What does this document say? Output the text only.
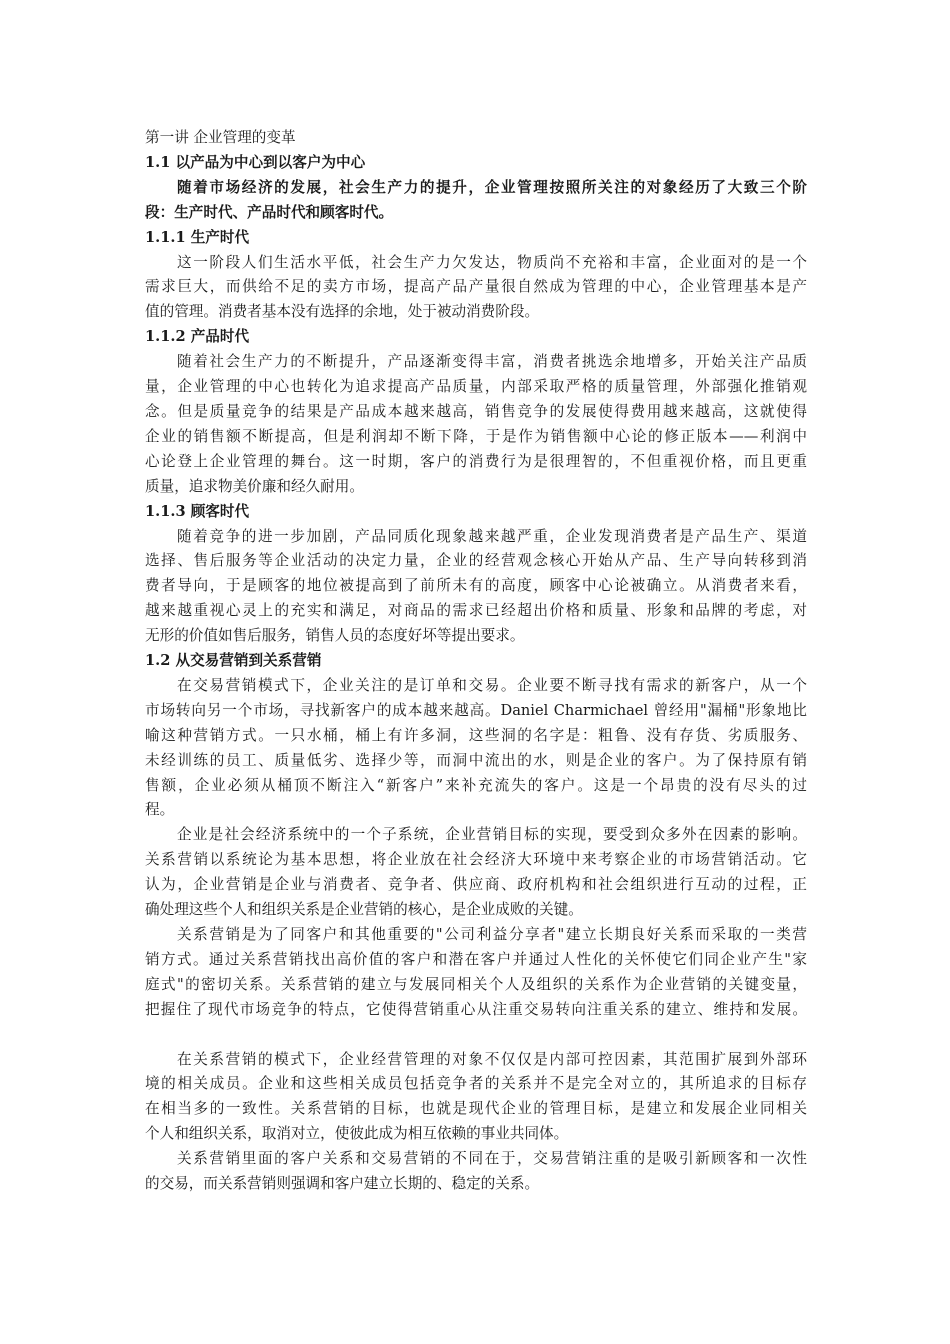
第一讲 企业管理的变革
1.1 以产品为中心到以客户为中心
随着市场经济的发展，社会生产力的提升，企业管理按照所关注的对象经历了大致三个阶
段：生产时代、产品时代和顾客时代。
1.1.1 生产时代
这一阶段人们生活水平低，社会生产力欠发达，物质尚不充裕和丰富，企业面对的是一个
需求巨大，而供给不足的卖方市场，提高产品产量很自然成为管理的中心，企业管理基本是产
值的管理。消费者基本没有选择的余地，处于被动消费阶段。
1.1.2 产品时代
随着社会生产力的不断提升，产品逐渐变得丰富，消费者挑选余地增多，开始关注产品质
量，企业管理的中心也转化为追求提高产品质量，内部采取严格的质量管理，外部强化推销观
念。但是质量竞争的结果是产品成本越来越高，销售竞争的发展使得费用越来越高，这就使得
企业的销售额不断提高，但是利润却不断下降，于是作为销售额中心论的修正版本——利润中
心论登上企业管理的舞台。这一时期，客户的消费行为是很理智的，不但重视价格，而且更重
质量，追求物美价廉和经久耐用。
1.1.3 顾客时代
随着竞争的进一步加剧，产品同质化现象越来越严重，企业发现消费者是产品生产、渠道
选择、售后服务等企业活动的决定力量，企业的经营观念核心开始从产品、生产导向转移到消
费者导向，于是顾客的地位被提高到了前所未有的高度，顾客中心论被确立。从消费者来看，
越来越重视心灵上的充实和满足，对商品的需求已经超出价格和质量、形象和品牌的考虑，对
无形的价值如售后服务，销售人员的态度好坏等提出要求。
1.2 从交易营销到关系营销
在交易营销模式下，企业关注的是订单和交易。企业要不断寻找有需求的新客户，从一个
市场转向另一个市场，寻找新客户的成本越来越高。Daniel Charmichael 曾经用"漏桶"形象地比
喻这种营销方式。一只水桶，桶上有许多洞，这些洞的名字是：粗鲁、没有存货、劣质服务、
未经训练的员工、质量低劣、选择少等，而洞中流出的水，则是企业的客户。为了保持原有销
售额，企业必须从桶顶不断注入“新客户”来补充流失的客户。这是一个昂贵的没有尽头的过
程。
企业是社会经济系统中的一个子系统，企业营销目标的实现，要受到众多外在因素的影响。
关系营销以系统论为基本思想，将企业放在社会经济大环境中来考察企业的市场营销活动。它
认为，企业营销是企业与消费者、竞争者、供应商、政府机构和社会组织进行互动的过程，正
确处理这些个人和组织关系是企业营销的核心，是企业成败的关键。
关系营销是为了同客户和其他重要的"公司利益分享者"建立长期良好关系而采取的一类营
销方式。通过关系营销找出高价值的客户和潜在客户并通过人性化的关怀使它们同企业产生"家
庭式"的密切关系。关系营销的建立与发展同相关个人及组织的关系作为企业营销的关键变量，
把握住了现代市场竞争的特点，它使得营销重心从注重交易转向注重关系的建立、维持和发展。
在关系营销的模式下，企业经营管理的对象不仅仅是内部可控因素，其范围扩展到外部环
境的相关成员。企业和这些相关成员包括竞争者的关系并不是完全对立的，其所追求的目标存
在相当多的一致性。关系营销的目标，也就是现代企业的管理目标，是建立和发展企业同相关
个人和组织关系，取消对立，使彼此成为相互依赖的事业共同体。
关系营销里面的客户关系和交易营销的不同在于，交易营销注重的是吸引新顾客和一次性
的交易，而关系营销则强调和客户建立长期的、稳定的关系。
